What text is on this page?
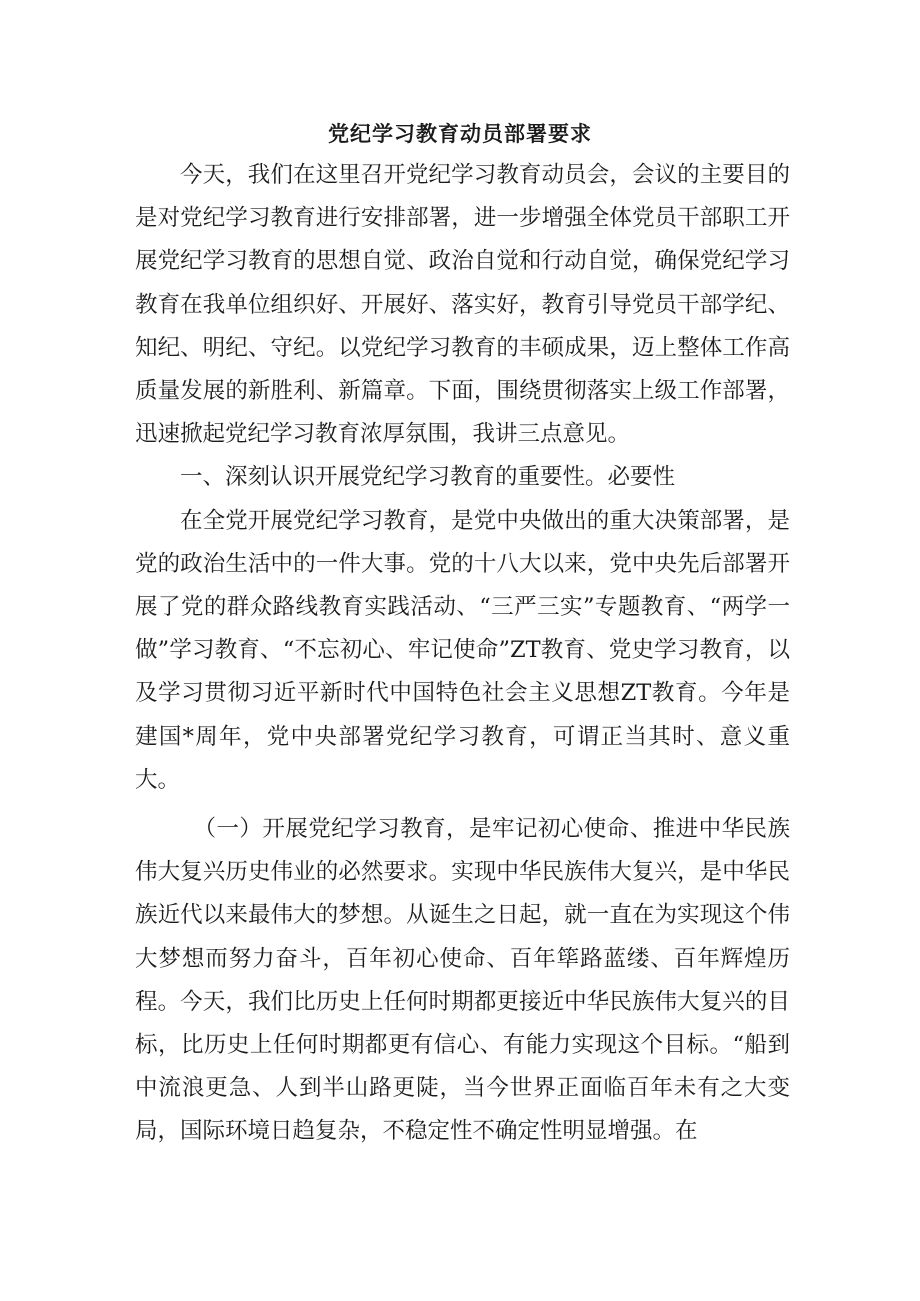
党纪学习教育动员部署要求

今天，我们在这里召开党纪学习教育动员会，会议的主要目的是对党纪学习教育进行安排部署，进一步增强全体党员干部职工开展党纪学习教育的思想自觉、政治自觉和行动自觉，确保党纪学习教育在我单位组织好、开展好、落实好，教育引导党员干部学纪、知纪、明纪、守纪。以党纪学习教育的丰硕成果，迈上整体工作高质量发展的新胜利、新篇章。下面，围绕贯彻落实上级工作部署，迅速掀起党纪学习教育浓厚氛围，我讲三点意见。

一、深刻认识开展党纪学习教育的重要性。必要性

在全党开展党纪学习教育，是党中央做出的重大决策部署，是党的政治生活中的一件大事。党的十八大以来，党中央先后部署开展了党的群众路线教育实践活动、“三严三实”专题教育、“两学一做”学习教育、“不忘初心、牢记使命”ZT教育、党史学习教育，以及学习贯彻习近平新时代中国特色社会主义思想ZT教育。今年是建国*周年，党中央部署党纪学习教育，可谓正当其时、意义重大。

（一）开展党纪学习教育，是牢记初心使命、推进中华民族伟大复兴历史伟业的必然要求。实现中华民族伟大复兴，是中华民族近代以来最伟大的梦想。从诞生之日起，就一直在为实现这个伟大梦想而努力奋斗，百年初心使命、百年筚路蓝缕、百年辉煌历程。今天，我们比历史上任何时期都更接近中华民族伟大复兴的目标，比历史上任何时期都更有信心、有能力实现这个目标。“船到中流浪更急、人到半山路更陡，当今世界正面临百年未有之大变局，国际环境日趋复杂，不稳定性不确定性明显增强。在
